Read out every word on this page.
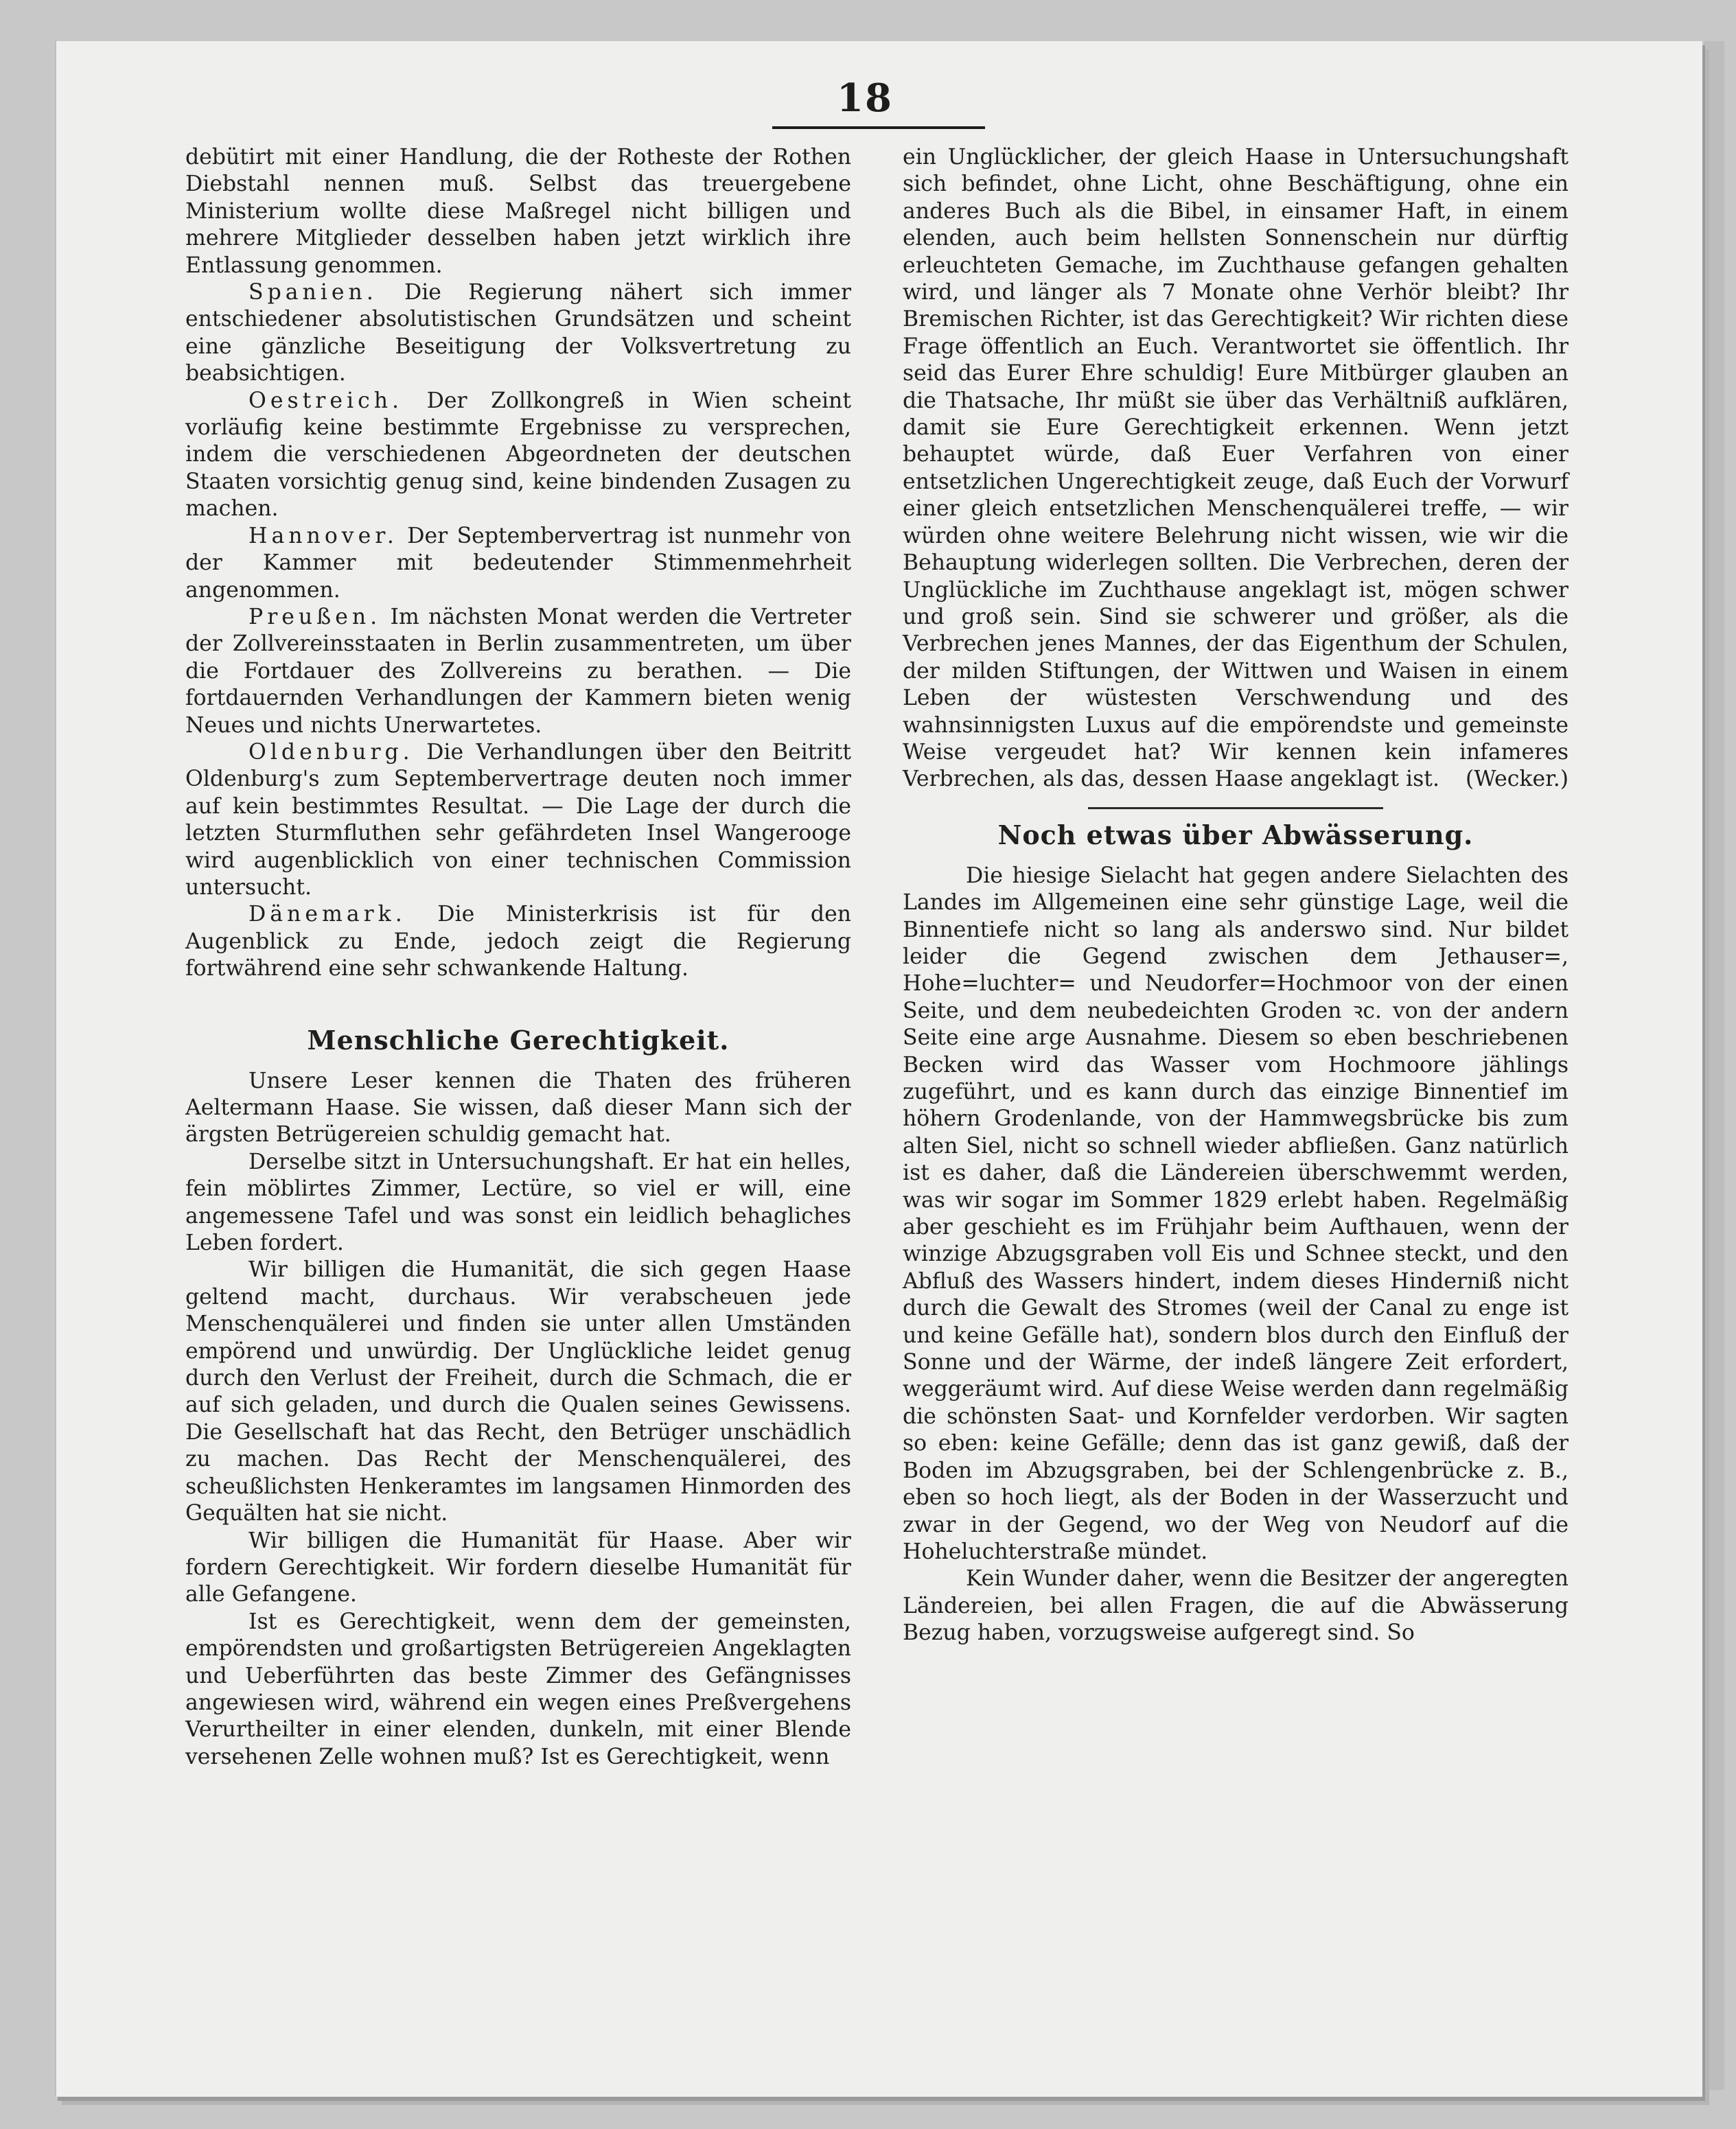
18

debütirt mit einer Handlung, die der Rotheste der Rothen Diebstahl nennen muß. Selbst das treuergebene Ministerium wollte diese Maßregel nicht billigen und mehrere Mitglieder desselben haben jetzt wirklich ihre Entlassung genommen.

Spanien. Die Regierung nähert sich immer entschiedener absolutistischen Grundsätzen und scheint eine gänzliche Beseitigung der Volksvertretung zu beabsichtigen.

Oestreich. Der Zollkongreß in Wien scheint vorläufig keine bestimmte Ergebnisse zu versprechen, indem die verschiedenen Abgeordneten der deutschen Staaten vorsichtig genug sind, keine bindenden Zusagen zu machen.

Hannover. Der Septembervertrag ist nunmehr von der Kammer mit bedeutender Stimmenmehrheit angenommen.

Preußen. Im nächsten Monat werden die Vertreter der Zollvereinsstaaten in Berlin zusammentreten, um über die Fortdauer des Zollvereins zu berathen. — Die fortdauernden Verhandlungen der Kammern bieten wenig Neues und nichts Unerwartetes.

Oldenburg. Die Verhandlungen über den Beitritt Oldenburg's zum Septembervertrage deuten noch immer auf kein bestimmtes Resultat. — Die Lage der durch die letzten Sturmfluthen sehr gefährdeten Insel Wangerooge wird augenblicklich von einer technischen Commission untersucht.

Dänemark. Die Ministerkrisis ist für den Augenblick zu Ende, jedoch zeigt die Regierung fortwährend eine sehr schwankende Haltung.

Menschliche Gerechtigkeit.

Unsere Leser kennen die Thaten des früheren Aeltermann Haase. Sie wissen, daß dieser Mann sich der ärgsten Betrügereien schuldig gemacht hat.

Derselbe sitzt in Untersuchungshaft. Er hat ein helles, fein möblirtes Zimmer, Lectüre, so viel er will, eine angemessene Tafel und was sonst ein leidlich behagliches Leben fordert.

Wir billigen die Humanität, die sich gegen Haase geltend macht, durchaus. Wir verabscheuen jede Menschenquälerei und finden sie unter allen Umständen empörend und unwürdig. Der Unglückliche leidet genug durch den Verlust der Freiheit, durch die Schmach, die er auf sich geladen, und durch die Qualen seines Gewissens. Die Gesellschaft hat das Recht, den Betrüger unschädlich zu machen. Das Recht der Menschenquälerei, des scheußlichsten Henkeramtes im langsamen Hinmorden des Gequälten hat sie nicht.

Wir billigen die Humanität für Haase. Aber wir fordern Gerechtigkeit. Wir fordern dieselbe Humanität für alle Gefangene.

Ist es Gerechtigkeit, wenn dem der gemeinsten, empörendsten und großartigsten Betrügereien Angeklagten und Ueberführten das beste Zimmer des Gefängnisses angewiesen wird, während ein wegen eines Preßvergehens Verurtheilter in einer elenden, dunkeln, mit einer Blende versehenen Zelle wohnen muß? Ist es Gerechtigkeit, wenn

ein Unglücklicher, der gleich Haase in Untersuchungshaft sich befindet, ohne Licht, ohne Beschäftigung, ohne ein anderes Buch als die Bibel, in einsamer Haft, in einem elenden, auch beim hellsten Sonnenschein nur dürftig erleuchteten Gemache, im Zuchthause gefangen gehalten wird, und länger als 7 Monate ohne Verhör bleibt? Ihr Bremischen Richter, ist das Gerechtigkeit? Wir richten diese Frage öffentlich an Euch. Verantwortet sie öffentlich. Ihr seid das Eurer Ehre schuldig! Eure Mitbürger glauben an die Thatsache, Ihr müßt sie über das Verhältniß aufklären, damit sie Eure Gerechtigkeit erkennen. Wenn jetzt behauptet würde, daß Euer Verfahren von einer entsetzlichen Ungerechtigkeit zeuge, daß Euch der Vorwurf einer gleich entsetzlichen Menschenquälerei treffe, — wir würden ohne weitere Belehrung nicht wissen, wie wir die Behauptung widerlegen sollten. Die Verbrechen, deren der Unglückliche im Zuchthause angeklagt ist, mögen schwer und groß sein. Sind sie schwerer und größer, als die Verbrechen jenes Mannes, der das Eigenthum der Schulen, der milden Stiftungen, der Wittwen und Waisen in einem Leben der wüstesten Verschwendung und des wahnsinnigsten Luxus auf die empörendste und gemeinste Weise vergeudet hat? Wir kennen kein infameres Verbrechen, als das, dessen Haase angeklagt ist.	(Wecker.)
Noch etwas über Abwässerung.

Die hiesige Sielacht hat gegen andere Sielachten des Landes im Allgemeinen eine sehr günstige Lage, weil die Binnentiefe nicht so lang als anderswo sind. Nur bildet leider die Gegend zwischen dem Jethauser=, Hohe=luchter= und Neudorfer=Hochmoor von der einen Seite, und dem neubedeichten Groden ꝛc. von der andern Seite eine arge Ausnahme. Diesem so eben beschriebenen Becken wird das Wasser vom Hochmoore jählings zugeführt, und es kann durch das einzige Binnentief im höhern Grodenlande, von der Hammwegsbrücke bis zum alten Siel, nicht so schnell wieder abfließen. Ganz natürlich ist es daher, daß die Ländereien überschwemmt werden, was wir sogar im Sommer 1829 erlebt haben. Regelmäßig aber geschieht es im Frühjahr beim Aufthauen, wenn der winzige Abzugsgraben voll Eis und Schnee steckt, und den Abfluß des Wassers hindert, indem dieses Hinderniß nicht durch die Gewalt des Stromes (weil der Canal zu enge ist und keine Gefälle hat), sondern blos durch den Einfluß der Sonne und der Wärme, der indeß längere Zeit erfordert, weggeräumt wird. Auf diese Weise werden dann regelmäßig die schönsten Saat- und Kornfelder verdorben. Wir sagten so eben: keine Gefälle; denn das ist ganz gewiß, daß der Boden im Abzugsgraben, bei der Schlengenbrücke z. B., eben so hoch liegt, als der Boden in der Wasserzucht und zwar in der Gegend, wo der Weg von Neudorf auf die Hoheluchterstraße mündet.

Kein Wunder daher, wenn die Besitzer der angeregten Ländereien, bei allen Fragen, die auf die Abwässerung Bezug haben, vorzugsweise aufgeregt sind. So
